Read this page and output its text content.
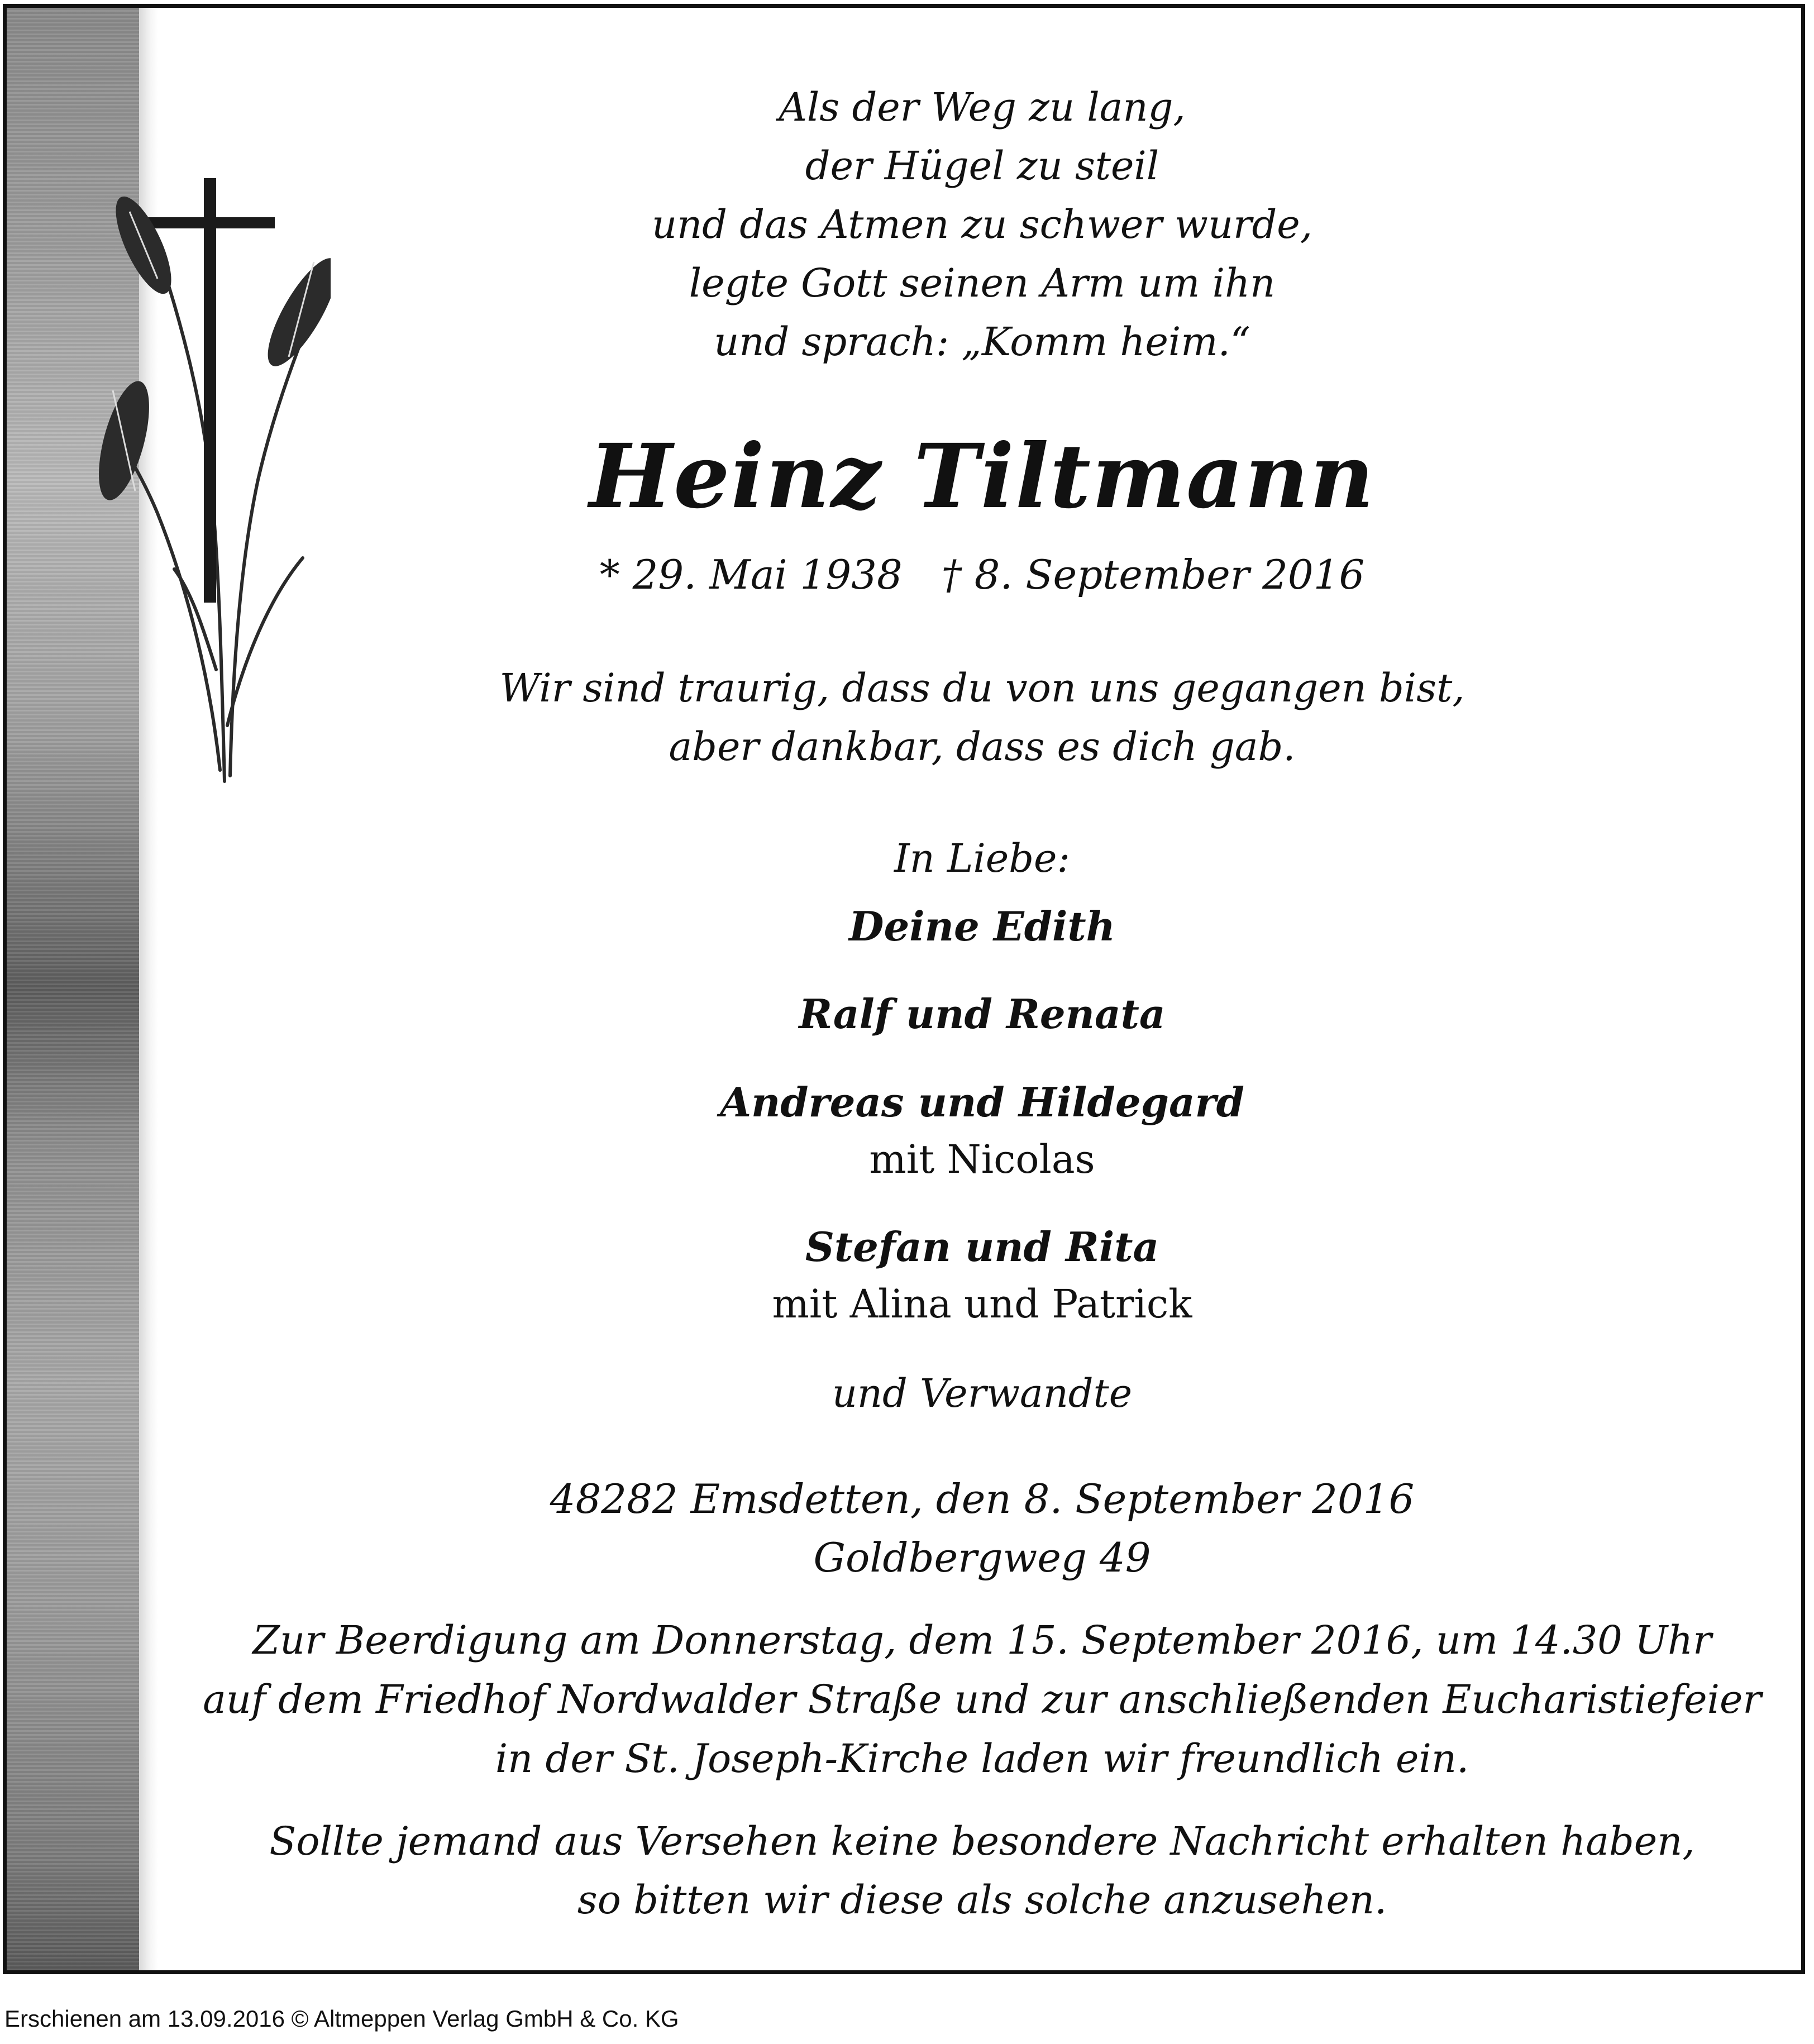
Als der Weg zu lang,

der Hügel zu steil

und das Atmen zu schwer wurde,

legte Gott seinen Arm um ihn

und sprach: „Komm heim.“

Heinz Tiltmann

* 29. Mai 1938 † 8. September 2016

Wir sind traurig, dass du von uns gegangen bist,

aber dankbar, dass es dich gab.

In Liebe:

Deine Edith

Ralf und Renata

Andreas und Hildegard

mit Nicolas

Stefan und Rita

mit Alina und Patrick

und Verwandte

48282 Emsdetten, den 8. September 2016

Goldbergweg 49

Zur Beerdigung am Donnerstag, dem 15. September 2016, um 14.30 Uhr

auf dem Friedhof Nordwalder Straße und zur anschließenden Eucharistiefeier

in der St. Joseph-Kirche laden wir freundlich ein.

Sollte jemand aus Versehen keine besondere Nachricht erhalten haben,

so bitten wir diese als solche anzusehen.

Erschienen am 13.09.2016 © Altmeppen Verlag GmbH & Co. KG
